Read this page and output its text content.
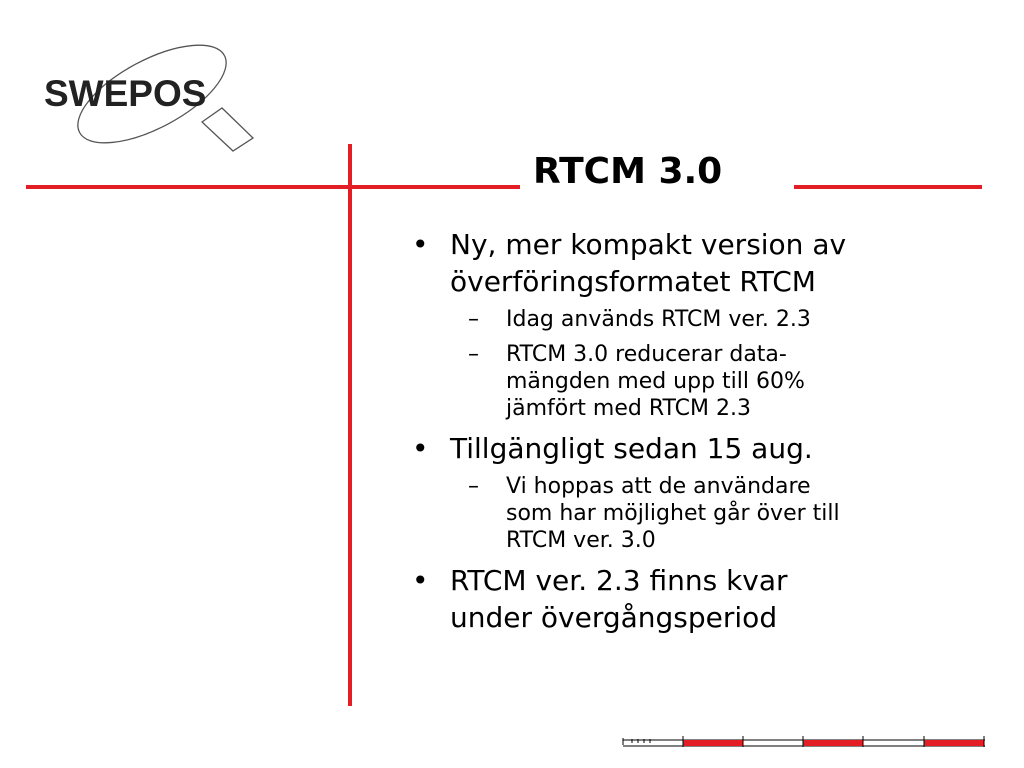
SWEPOS
RTCM 3.0
• Ny, mer kompakt version av
överföringsformatet RTCM
– Idag används RTCM ver. 2.3
– RTCM 3.0 reducerar data-
mängden med upp till 60%
jämfört med RTCM 2.3
• Tillgängligt sedan 15 aug.
– Vi hoppas att de användare
som har möjlighet går över till
RTCM ver. 3.0
• RTCM ver. 2.3 finns kvar
under övergångsperiod
